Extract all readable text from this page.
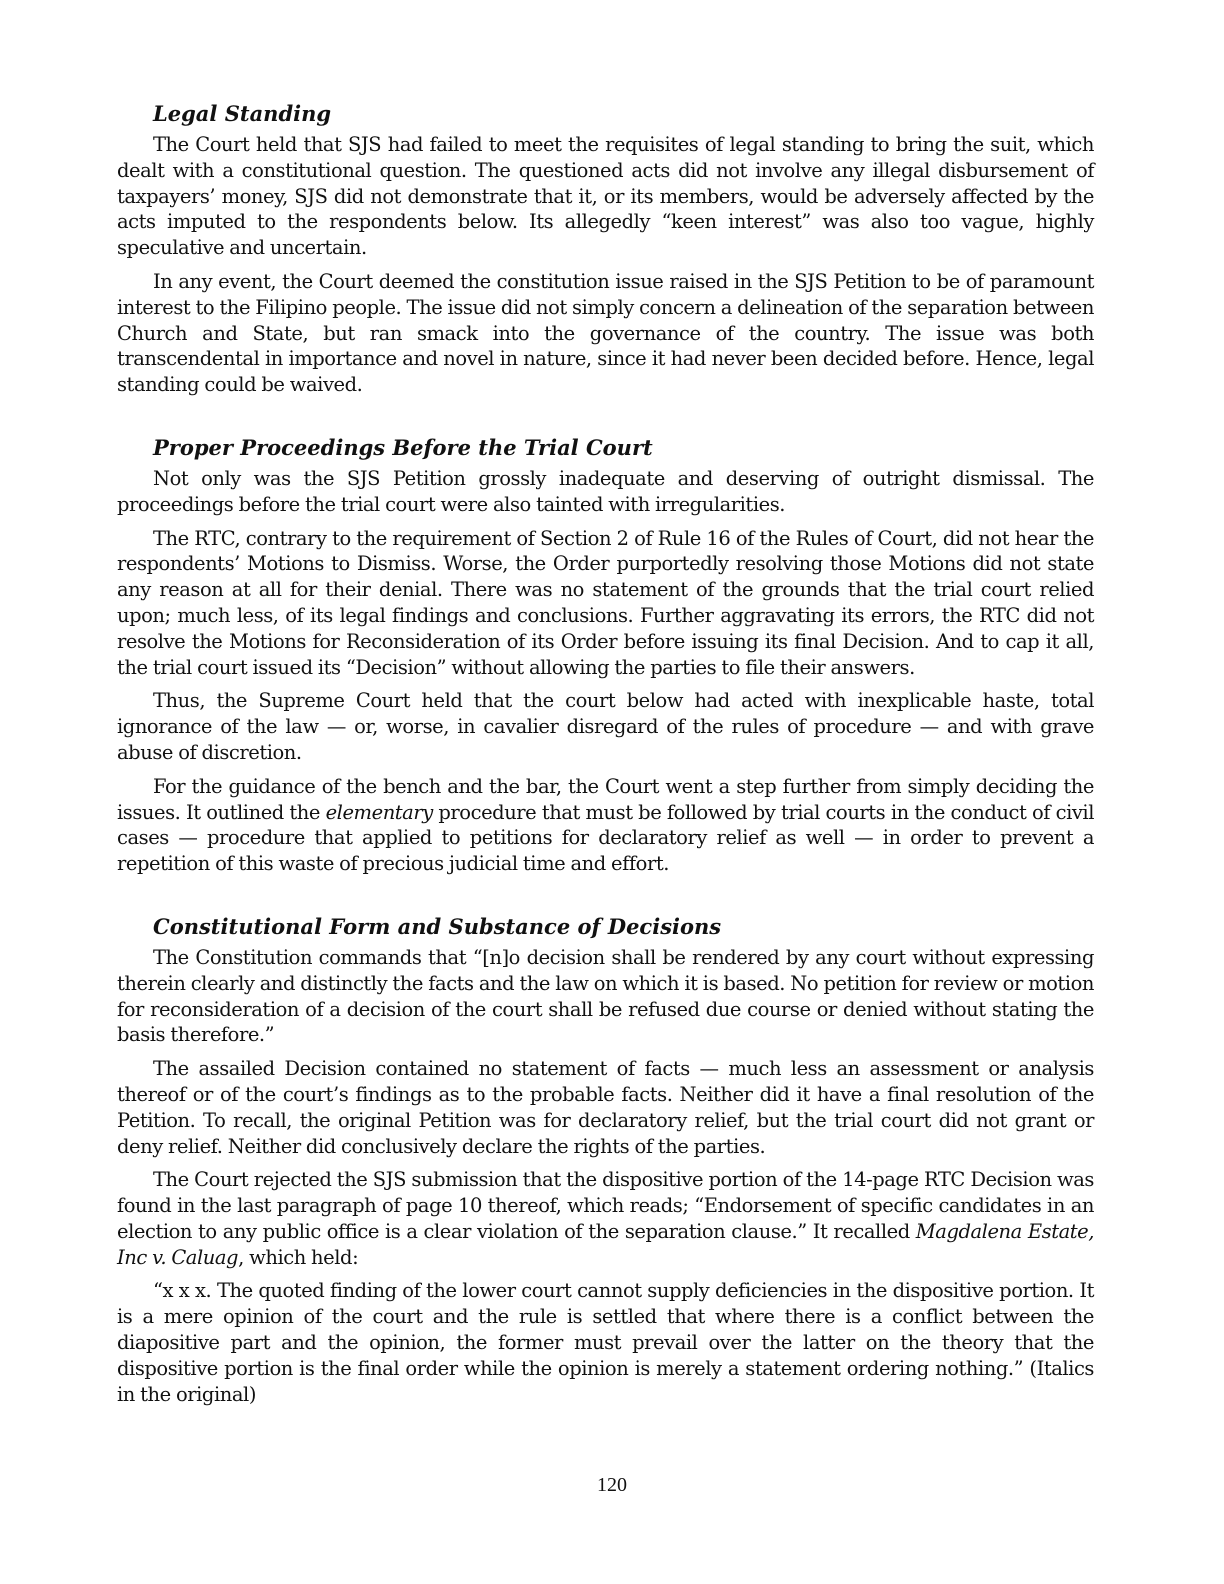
Legal Standing

The Court held that SJS had failed to meet the requisites of legal standing to bring the suit, which dealt with a constitutional question. The questioned acts did not involve any illegal disbursement of taxpayers’ money, SJS did not demonstrate that it, or its members, would be adversely affected by the acts imputed to the respondents below. Its allegedly “keen interest” was also too vague, highly speculative and uncertain.

In any event, the Court deemed the constitution issue raised in the SJS Petition to be of paramount interest to the Filipino people. The issue did not simply concern a delineation of the separation between Church and State, but ran smack into the governance of the country. The issue was both transcendental in importance and novel in nature, since it had never been decided before. Hence, legal standing could be waived.

Proper Proceedings Before the Trial Court

Not only was the SJS Petition grossly inadequate and deserving of outright dismissal. The proceedings before the trial court were also tainted with irregularities.

The RTC, contrary to the requirement of Section 2 of Rule 16 of the Rules of Court, did not hear the respondents’ Motions to Dismiss. Worse, the Order purportedly resolving those Motions did not state any reason at all for their denial. There was no statement of the grounds that the trial court relied upon; much less, of its legal findings and conclusions. Further aggravating its errors, the RTC did not resolve the Motions for Reconsideration of its Order before issuing its final Decision. And to cap it all, the trial court issued its “Decision” without allowing the parties to file their answers.

Thus, the Supreme Court held that the court below had acted with inexplicable haste, total ignorance of the law — or, worse, in cavalier disregard of the rules of procedure — and with grave abuse of discretion.

For the guidance of the bench and the bar, the Court went a step further from simply deciding the issues. It outlined the elementary procedure that must be followed by trial courts in the conduct of civil cases — procedure that applied to petitions for declaratory relief as well — in order to prevent a repetition of this waste of precious judicial time and effort.

Constitutional Form and Substance of Decisions

The Constitution commands that “[n]o decision shall be rendered by any court without expressing therein clearly and distinctly the facts and the law on which it is based. No petition for review or motion for reconsideration of a decision of the court shall be refused due course or denied without stating the basis therefore.”

The assailed Decision contained no statement of facts — much less an assessment or analysis thereof or of the court’s findings as to the probable facts. Neither did it have a final resolution of the Petition. To recall, the original Petition was for declaratory relief, but the trial court did not grant or deny relief. Neither did conclusively declare the rights of the parties.

The Court rejected the SJS submission that the dispositive portion of the 14-page RTC Decision was found in the last paragraph of page 10 thereof, which reads; “Endorsement of specific candidates in an election to any public office is a clear violation of the separation clause.” It recalled Magdalena Estate, Inc v. Caluag, which held:

“x x x. The quoted finding of the lower court cannot supply deficiencies in the dispositive portion. It is a mere opinion of the court and the rule is settled that where there is a conflict between the diapositive part and the opinion, the former must prevail over the latter on the theory that the dispositive portion is the final order while the opinion is merely a statement ordering nothing.” (Italics in the original)

120
